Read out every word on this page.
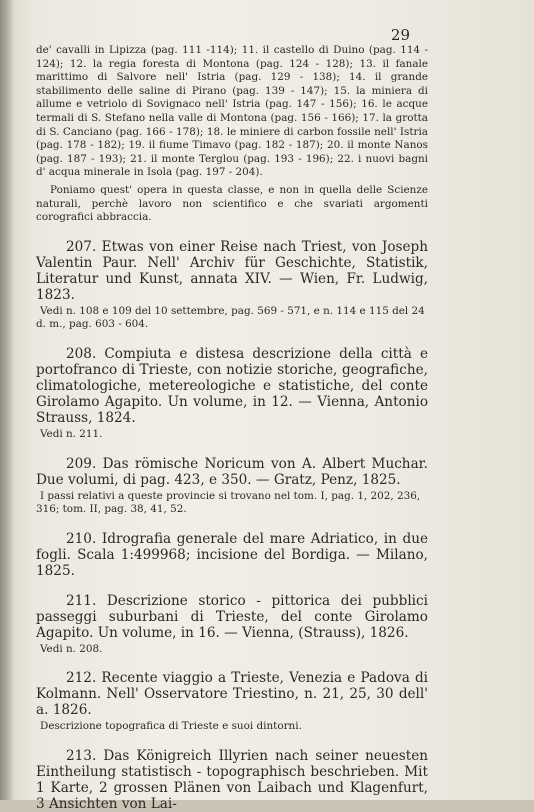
29

de' cavalli in Lipizza (pag. 111 -114); 11. il castello di Duino (pag. 114 - 124); 12. la regia foresta di Montona (pag. 124 - 128); 13. il fanale marittimo di Salvore nell' Istria (pag. 129 - 138); 14. il grande stabilimento delle saline di Pirano (pag. 139 - 147); 15. la miniera di allume e vetriolo di Sovignaco nell' Istria (pag. 147 - 156); 16. le acque termali di S. Stefano nella valle di Montona (pag. 156 - 166); 17. la grotta di S. Canciano (pag. 166 - 178); 18. le miniere di carbon fossile nell' Istria (pag. 178 - 182); 19. il fiume Timavo (pag. 182 - 187); 20. il monte Nanos (pag. 187 - 193); 21. il monte Terglou (pag. 193 - 196); 22. i nuovi bagni d' acqua minerale in Isola (pag. 197 - 204).

Poniamo quest' opera in questa classe, e non in quella delle Scienze naturali, perchè lavoro non scientifico e che svariati argomenti corografici abbraccia.

207. Etwas von einer Reise nach Triest, von Joseph Valentin Paur. Nell' Archiv für Geschichte, Statistik, Literatur und Kunst, annata XIV. — Wien, Fr. Ludwig, 1823.

Vedi n. 108 e 109 del 10 settembre, pag. 569 - 571, e n. 114 e 115 del 24 d. m., pag. 603 - 604.

208. Compiuta e distesa descrizione della città e portofranco di Trieste, con notizie storiche, geografiche, climatologiche, metereologiche e statistiche, del conte Girolamo Agapito. Un volume, in 12. — Vienna, Antonio Strauss, 1824.

Vedi n. 211.

209. Das römische Noricum von A. Albert Muchar. Due volumi, di pag. 423, e 350. — Gratz, Penz, 1825.

I passi relativi a queste provincie si trovano nel tom. I, pag. 1, 202, 236, 316; tom. II, pag. 38, 41, 52.

210. Idrografia generale del mare Adriatico, in due fogli. Scala 1:499968; incisione del Bordiga. — Milano, 1825.

211. Descrizione storico - pittorica dei pubblici passeggi suburbani di Trieste, del conte Girolamo Agapito. Un volume, in 16. — Vienna, (Strauss), 1826.

Vedi n. 208.

212. Recente viaggio a Trieste, Venezia e Padova di Kolmann. Nell' Osservatore Triestino, n. 21, 25, 30 dell' a. 1826.

Descrizione topografica di Trieste e suoi dintorni.

213. Das Königreich Illyrien nach seiner neuesten Eintheilung statistisch - topographisch beschrieben. Mit 1 Karte, 2 grossen Plänen von Laibach und Klagenfurt, 3 Ansichten von Lai-
